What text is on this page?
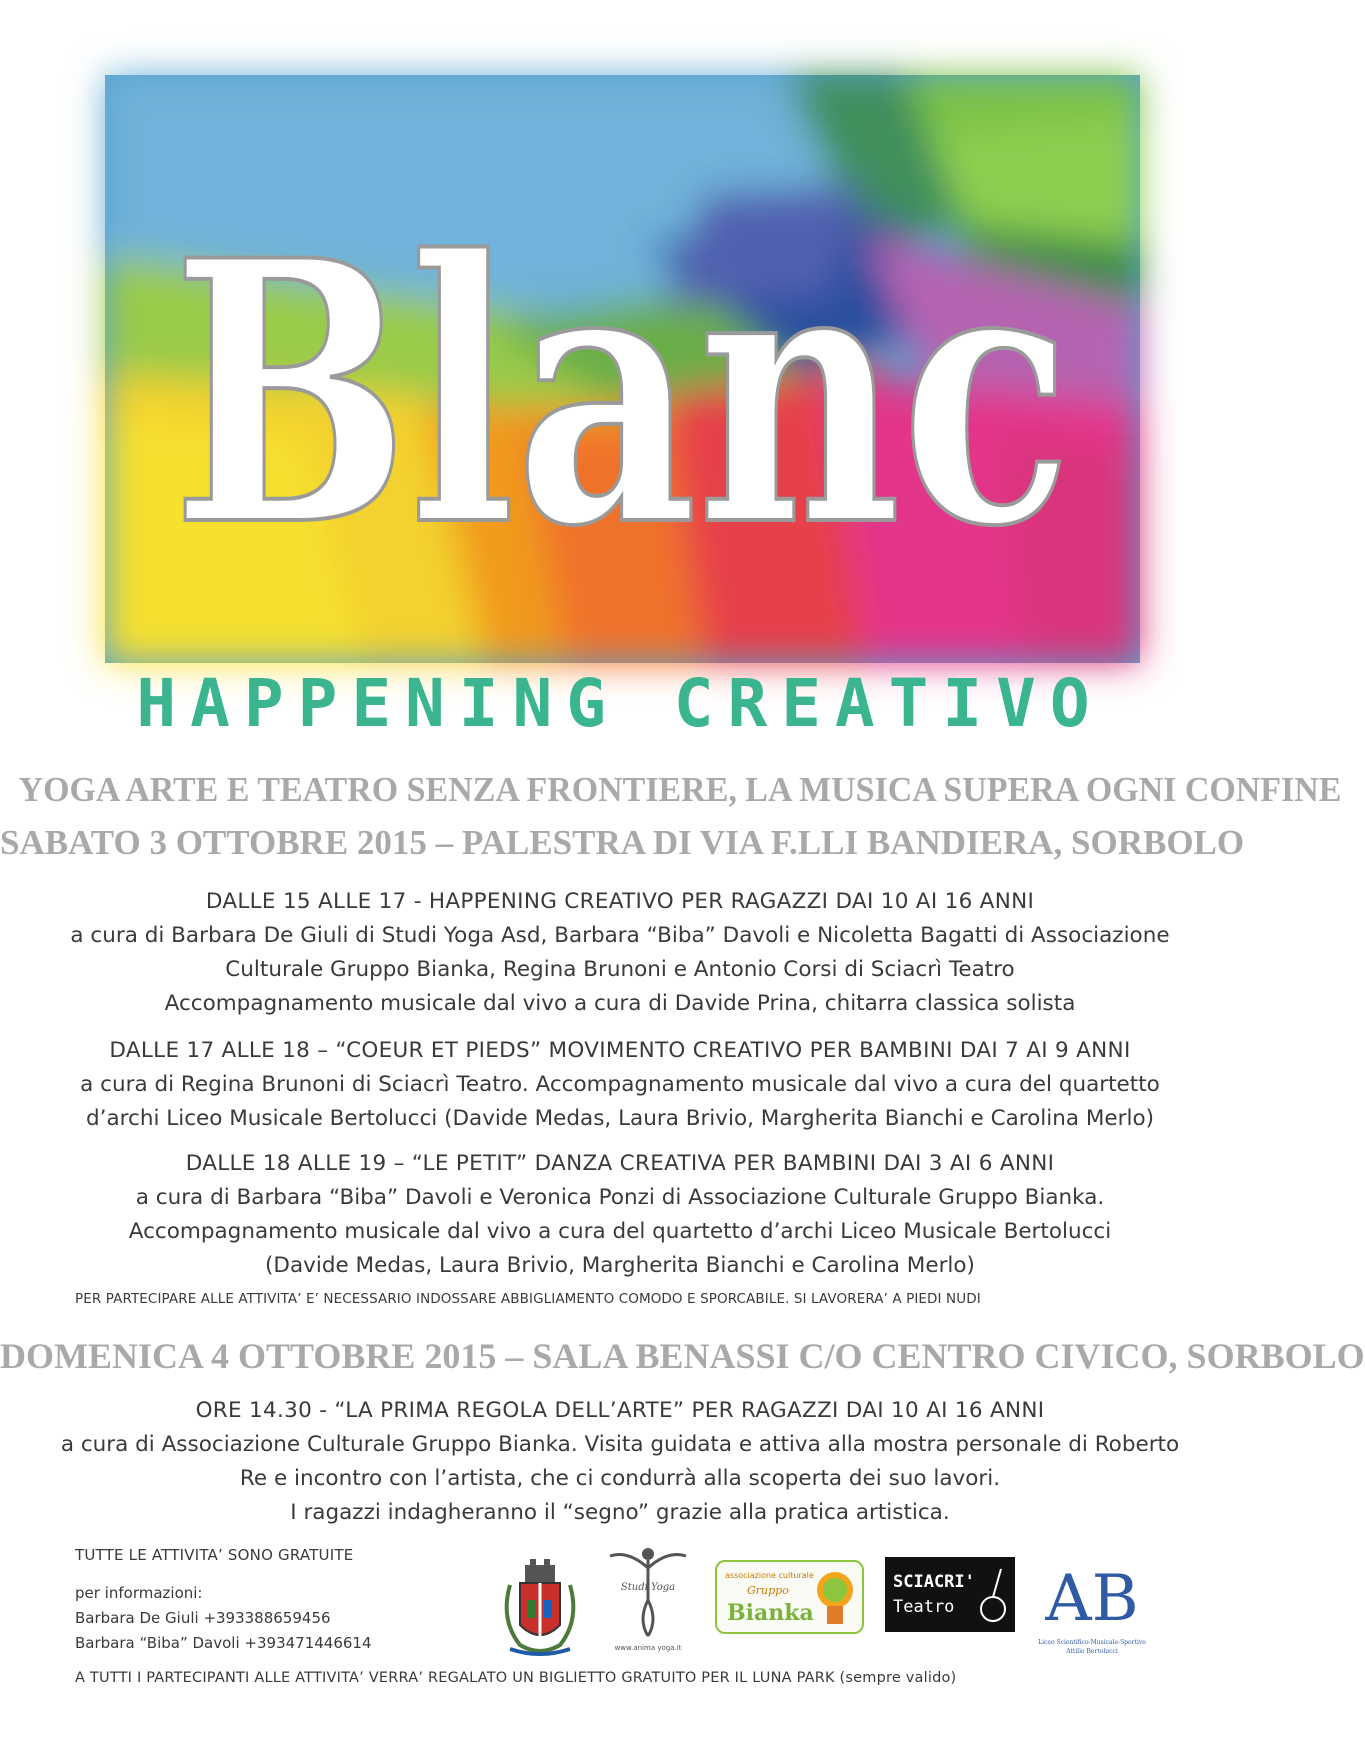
Blanc
HAPPENING CREATIVO
YOGA ARTE E TEATRO SENZA FRONTIERE, LA MUSICA SUPERA OGNI CONFINE
SABATO 3 OTTOBRE 2015 – PALESTRA DI VIA F.LLI BANDIERA, SORBOLO
DALLE 15 ALLE 17 - HAPPENING CREATIVO PER RAGAZZI DAI 10 AI 16 ANNI
a cura di Barbara De Giuli di Studi Yoga Asd, Barbara “Biba” Davoli e Nicoletta Bagatti di Associazione
Culturale Gruppo Bianka, Regina Brunoni e Antonio Corsi di Sciacrì Teatro
Accompagnamento musicale dal vivo a cura di Davide Prina, chitarra classica solista
DALLE 17 ALLE 18 – “COEUR ET PIEDS” MOVIMENTO CREATIVO PER BAMBINI DAI 7 AI 9 ANNI
a cura di Regina Brunoni di Sciacrì Teatro. Accompagnamento musicale dal vivo a cura del quartetto
d’archi Liceo Musicale Bertolucci (Davide Medas, Laura Brivio, Margherita Bianchi e Carolina Merlo)
DALLE 18 ALLE 19 – “LE PETIT” DANZA CREATIVA PER BAMBINI DAI 3 AI 6 ANNI
a cura di Barbara “Biba” Davoli e Veronica Ponzi di Associazione Culturale Gruppo Bianka.
Accompagnamento musicale dal vivo a cura del quartetto d’archi Liceo Musicale Bertolucci
(Davide Medas, Laura Brivio, Margherita Bianchi e Carolina Merlo)
PER PARTECIPARE ALLE ATTIVITA’ E’ NECESSARIO INDOSSARE ABBIGLIAMENTO COMODO E SPORCABILE. SI LAVORERA’ A PIEDI NUDI
DOMENICA 4 OTTOBRE 2015 – SALA BENASSI C/O CENTRO CIVICO, SORBOLO
ORE 14.30 - “LA PRIMA REGOLA DELL’ARTE” PER RAGAZZI DAI 10 AI 16 ANNI
a cura di Associazione Culturale Gruppo Bianka. Visita guidata e attiva alla mostra personale di Roberto
Re e incontro con l’artista, che ci condurrà alla scoperta dei suo lavori.
I ragazzi indagheranno il “segno” grazie alla pratica artistica.
TUTTE LE ATTIVITA’ SONO GRATUITE
per informazioni:
Barbara De Giuli +393388659456
Barbara “Biba” Davoli +393471446614
A TUTTI I PARTECIPANTI ALLE ATTIVITA’ VERRA’ REGALATO UN BIGLIETTO GRATUITO PER IL LUNA PARK (sempre valido)
Studi Yoga
www.anima yoga.it
associazione culturale
Gruppo
Bianka
SCIACRI'
Teatro AB
Liceo Scientifico-Musicale-Sportivo
Attilio Bertolucci
